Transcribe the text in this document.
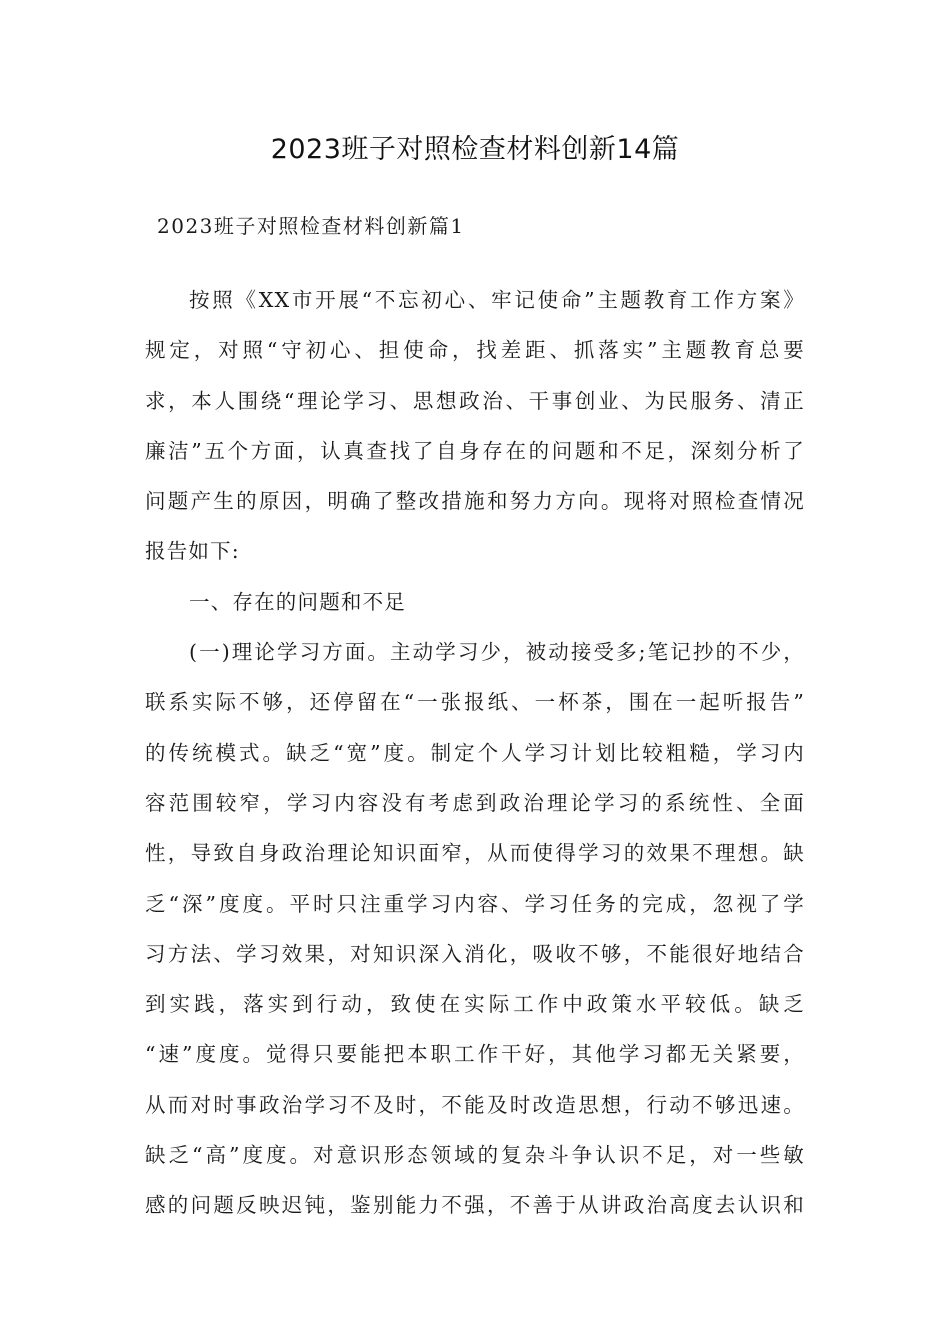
2023班子对照检查材料创新14篇

2023班子对照检查材料创新篇1

按照《XX市开展“不忘初心、牢记使命”主题教育工作方案》
规定，对照“守初心、担使命，找差距、抓落实”主题教育总要
求，本人围绕“理论学习、思想政治、干事创业、为民服务、清正
廉洁”五个方面，认真查找了自身存在的问题和不足，深刻分析了
问题产生的原因，明确了整改措施和努力方向。现将对照检查情况
报告如下:

一、存在的问题和不足

(一)理论学习方面。主动学习少，被动接受多;笔记抄的不少，
联系实际不够，还停留在“一张报纸、一杯茶，围在一起听报告”
的传统模式。缺乏“宽”度。制定个人学习计划比较粗糙，学习内
容范围较窄，学习内容没有考虑到政治理论学习的系统性、全面
性，导致自身政治理论知识面窄，从而使得学习的效果不理想。缺
乏“深”度度。平时只注重学习内容、学习任务的完成，忽视了学
习方法、学习效果，对知识深入消化，吸收不够，不能很好地结合
到实践，落实到行动，致使在实际工作中政策水平较低。缺乏
“速”度度。觉得只要能把本职工作干好，其他学习都无关紧要，
从而对时事政治学习不及时，不能及时改造思想，行动不够迅速。
缺乏“高”度度。对意识形态领域的复杂斗争认识不足，对一些敏
感的问题反映迟钝，鉴别能力不强，不善于从讲政治高度去认识和
